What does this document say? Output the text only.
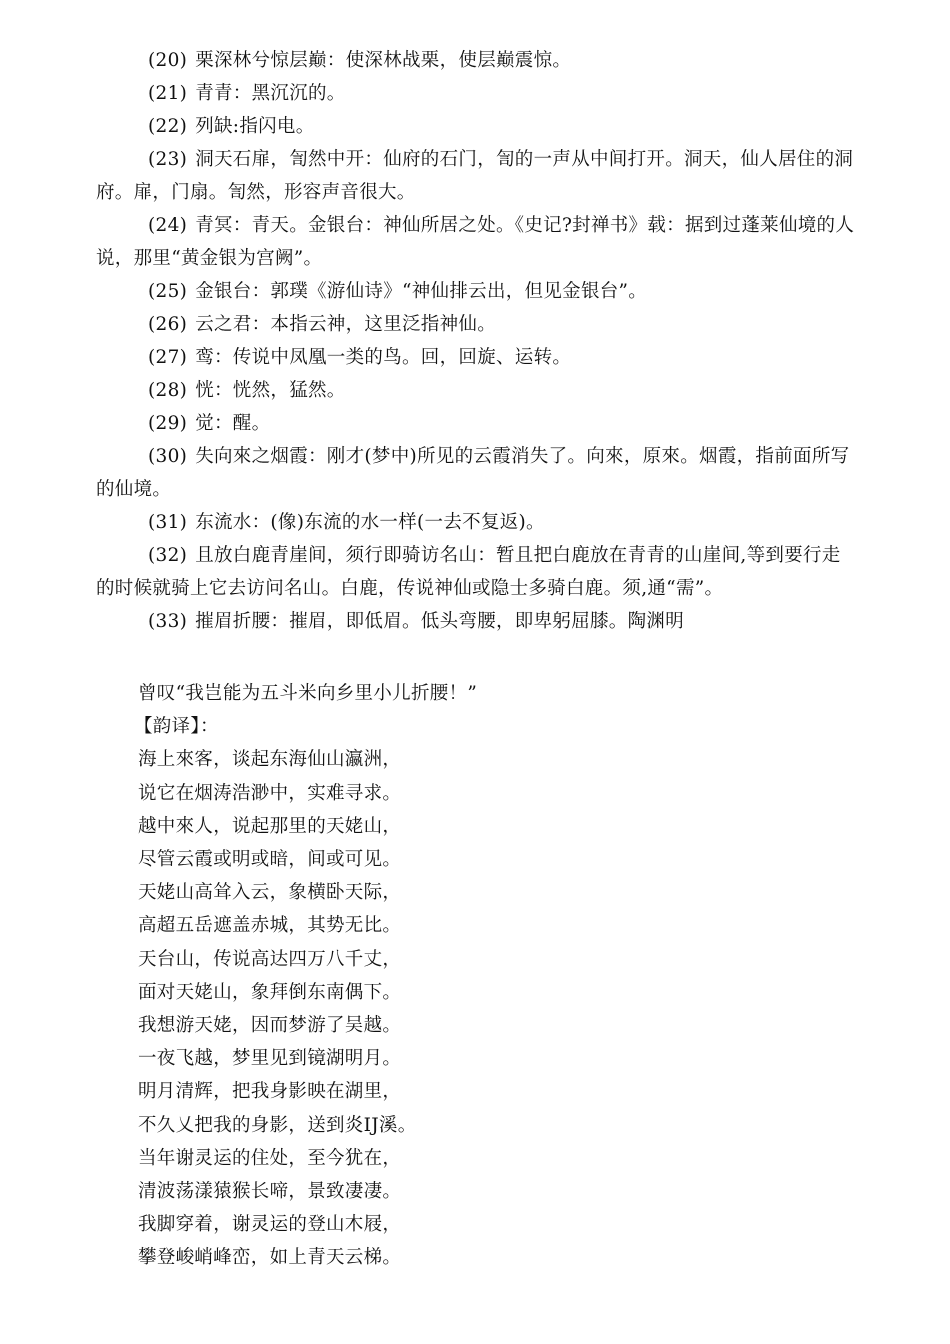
(20) 栗深林兮惊层巅：使深林战栗，使层巅震惊。

(21) 青青：黑沉沉的。

(22) 列缺:指闪电。

(23) 洞天石扉，訇然中开：仙府的石门，訇的一声从中间打开。洞天，仙人居住的洞府。扉，门扇。訇然，形容声音很大。

(24) 青冥：青天。金银台：神仙所居之处。《史记?封禅书》载：据到过蓬莱仙境的人说，那里“黄金银为宫阙”。

(25) 金银台：郭璞《游仙诗》“神仙排云出，但见金银台”。

(26) 云之君：本指云神，这里泛指神仙。

(27) 鸾：传说中凤凰一类的鸟。回，回旋、运转。

(28) 恍：恍然，猛然。

(29) 觉：醒。

(30) 失向來之烟霞：刚才(梦中)所见的云霞消失了。向來，原來。烟霞，指前面所写的仙境。

(31) 东流水：(像)东流的水一样(一去不复返)。

(32) 且放白鹿青崖间，须行即骑访名山：暂且把白鹿放在青青的山崖间,等到要行走的时候就骑上它去访问名山。白鹿，传说神仙或隐士多骑白鹿。须,通“需”。

(33) 摧眉折腰：摧眉，即低眉。低头弯腰，即卑躬屈膝。陶渊明

曾叹“我岂能为五斗米向乡里小儿折腰！”

【韵译】：

海上來客，谈起东海仙山瀛洲，

说它在烟涛浩渺中，实难寻求。

越中來人，说起那里的天姥山，

尽管云霞或明或暗，间或可见。

天姥山高耸入云，象横卧天际，

高超五岳遮盖赤城，其势无比。

天台山，传说高达四万八千丈，

面对天姥山，象拜倒东南偶下。

我想游天姥，因而梦游了吴越。

一夜飞越，梦里见到镜湖明月。

明月清辉，把我身影映在湖里，

不久乂把我的身影，送到炎IJ溪。

当年谢灵运的住处，至今犹在，

清波荡漾猿猴长啼，景致凄凄。

我脚穿着，谢灵运的登山木屐，

攀登峻峭峰峦，如上青天云梯。
